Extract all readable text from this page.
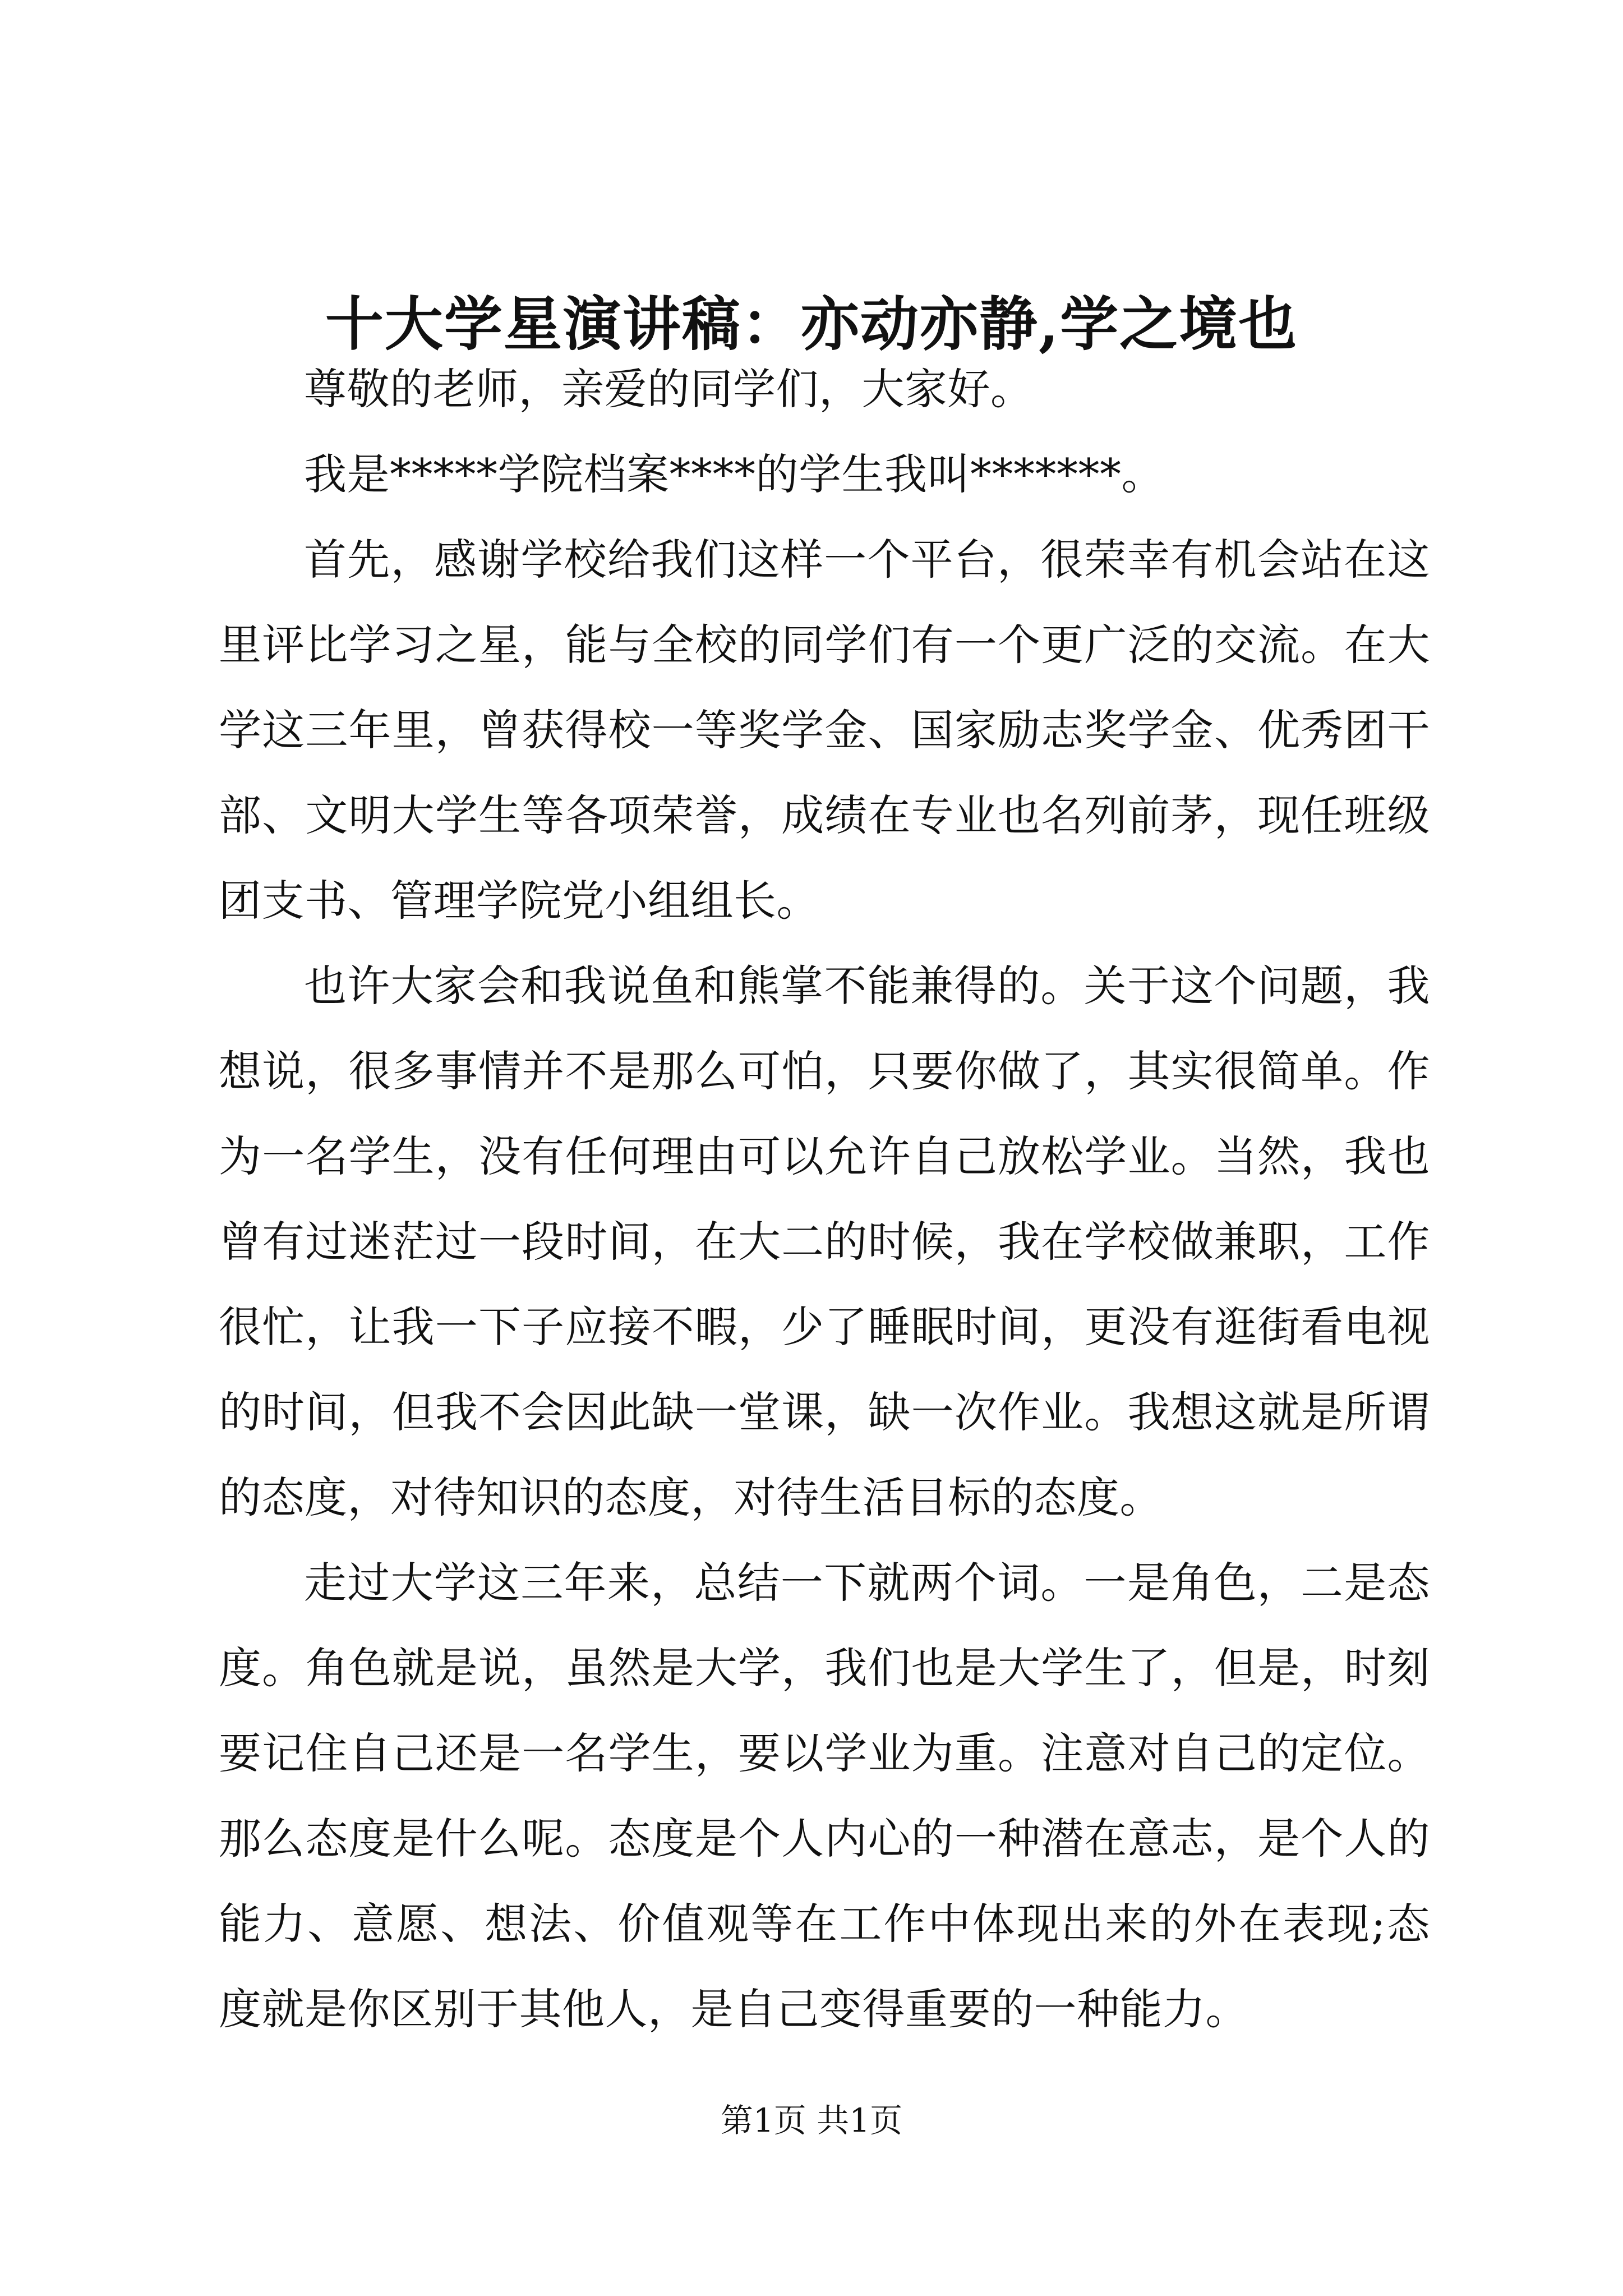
十大学星演讲稿：亦动亦静,学之境也

尊敬的老师，亲爱的同学们，大家好。

我是*****学院档案****的学生我叫*******。

首先，感谢学校给我们这样一个平台，很荣幸有机会站在这里评比学习之星，能与全校的同学们有一个更广泛的交流。在大学这三年里，曾获得校一等奖学金、国家励志奖学金、优秀团干部、文明大学生等各项荣誉，成绩在专业也名列前茅，现任班级团支书、管理学院党小组组长。

也许大家会和我说鱼和熊掌不能兼得的。关于这个问题，我想说，很多事情并不是那么可怕，只要你做了，其实很简单。作为一名学生，没有任何理由可以允许自己放松学业。当然，我也曾有过迷茫过一段时间，在大二的时候，我在学校做兼职，工作很忙，让我一下子应接不暇，少了睡眠时间，更没有逛街看电视的时间，但我不会因此缺一堂课，缺一次作业。我想这就是所谓的态度，对待知识的态度，对待生活目标的态度。

走过大学这三年来，总结一下就两个词。一是角色，二是态度。角色就是说，虽然是大学，我们也是大学生了，但是，时刻要记住自己还是一名学生，要以学业为重。注意对自己的定位。那么态度是什么呢。态度是个人内心的一种潜在意志，是个人的能力、意愿、想法、价值观等在工作中体现出来的外在表现;态度就是你区别于其他人，是自己变得重要的一种能力。

第1页 共1页
